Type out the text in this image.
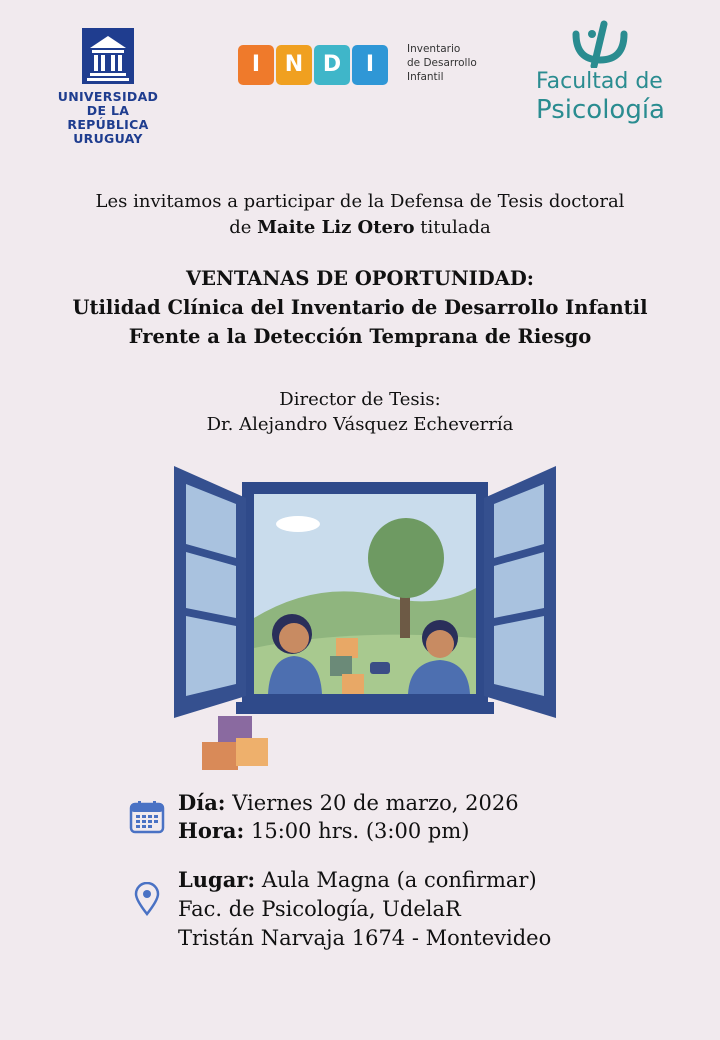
UNIVERSIDAD
DE LA REPÚBLICA
URUGUAY
I	N D	I
Inventario
de Desarrollo
Infantil	Facultad de
Psicología
Les invitamos a participar de la Defensa de Tesis doctoral
de Maite Liz Otero titulada
VENTANAS DE OPORTUNIDAD:
Utilidad Clínica del Inventario de Desarrollo Infantil
Frente a la Detección Temprana de Riesgo
Director de Tesis:
Dr. Alejandro Vásquez Echeverría
Día: Viernes 20 de marzo, 2026
Hora: 15:00 hrs. (3:00 pm)
Lugar: Aula Magna (a confirmar)
Fac. de Psicología, UdelaR
Tristán Narvaja 1674 - Montevideo
